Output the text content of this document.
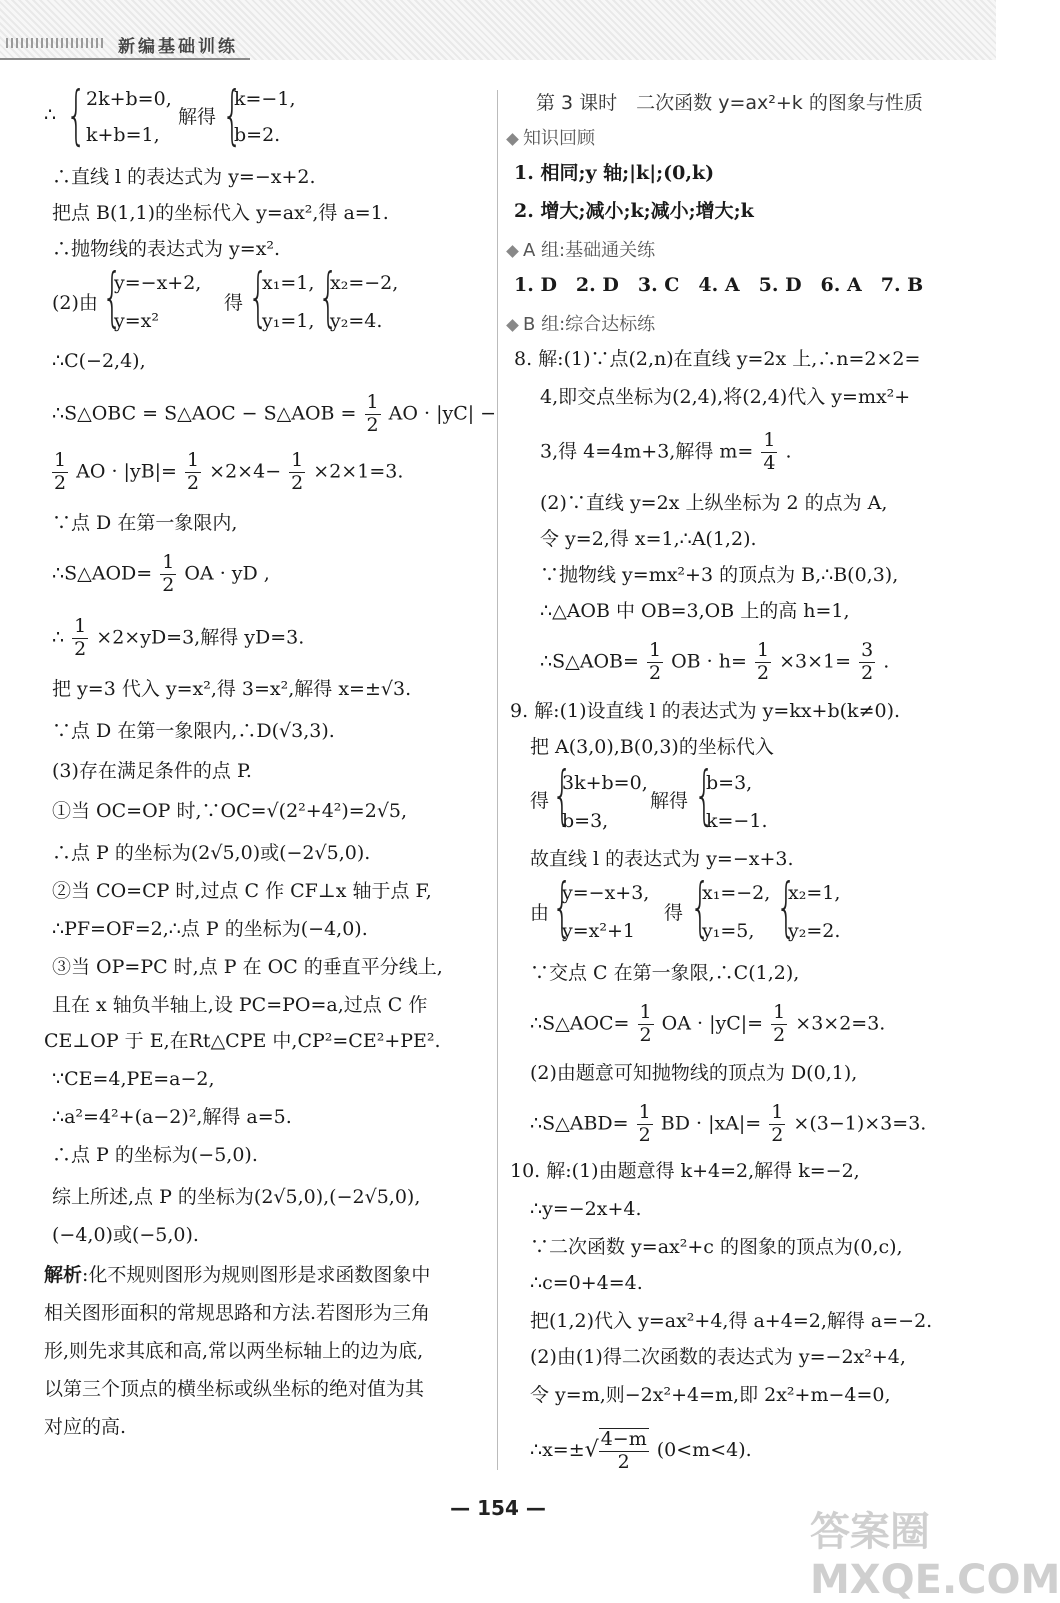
新编基础训练
∴ { 2k+b=0,
k+b=1,
解得 {
k=−1,
b=2.
∴直线 l 的表达式为 y=−x+2.
把点 B(1,1)的坐标代入 y=ax²,得 a=1.
∴抛物线的表达式为 y=x².
(2)由 {
y=−x+2,
y=x²
得 {
x₁=1,
y₁=1, {
x₂=−2,
y₂=4.
∴C(−2,4),
∴S△OBC = S△AOC − S△AOB = $\frac{1}{2}$ AO · |yC| −
$\frac{1}{2}$ AO · $|yB|= \frac{1}{2} \times 2\times 4- \frac{1}{2} \times 2\times 1=3$.
∵点 D 在第一象限内,
∴S△AOD= $\frac{1}{2}$ OA · yD ,
∴ $\frac{1}{2} \times 2\times yD=3$,解得 yD=3.
把 y=3 代入 y=x²,得 3=x²,解得 x=±√3.
∵点 D 在第一象限内,∴D(√3,3).
(3)存在满足条件的点 P.
①当 OC=OP 时,∵OC=√(2²+4²)=2√5,
∴点 P 的坐标为(2√5,0)或(−2√5,0).
②当 CO=CP 时,过点 C 作 CF⊥x 轴于点 F,
∴PF=OF=2,∴点 P 的坐标为(−4,0).
③当 OP=PC 时,点 P 在 OC 的垂直平分线上,
且在 x 轴负半轴上,设 PC=PO=a,过点 C 作
CE⊥OP 于 E,在Rt△CPE 中,CP²=CE²+PE².
∵CE=4,PE=a−2,
∴a²=4²+(a−2)²,解得 a=5.
∴点 P 的坐标为(−5,0).
综上所述,点 P 的坐标为(2√5,0),(−2√5,0),
(−4,0)或(−5,0).
解析:化不规则图形为规则图形是求函数图象中
相关图形面积的常规思路和方法.若图形为三角
形,则先求其底和高,常以两坐标轴上的边为底,
以第三个顶点的横坐标或纵坐标的绝对值为其
对应的高.
第 3 课时　二次函数 y=ax²+k 的图象与性质
知识回顾
1. 相同;y 轴;|k|;(0,k)
2. 增大;减小;k;减小;增大;k
A 组:基础通关练
1. D　2. D　3. C　4. A　5. D　6. A　7. B
B 组:综合达标练
8. 解:(1)∵点(2,n)在直线 y=2x 上,∴n=2×2=
4,即交点坐标为(2,4),将(2,4)代入 y=mx²+
3,得 4=4m+3,解得 $m= \frac{1}{4}$ .
(2)∵直线 y=2x 上纵坐标为 2 的点为 A,
令 y=2,得 x=1,∴A(1,2).
∵抛物线 y=mx²+3 的顶点为 B,∴B(0,3),
∴△AOB 中 OB=3,OB 上的高 h=1,
∴S△AOB= $\frac{1}{2}$ OB · $h= \frac{1}{2} \times 3\times 1= \frac{3}{2}$ .
9. 解:(1)设直线 l 的表达式为 y=kx+b(k≠0).
把 A(3,0),B(0,3)的坐标代入
得 {
3k+b=0,
b=3,
解得 {
b=3,
k=−1.
故直线 l 的表达式为 y=−x+3.
由 {
y=−x+3,
y=x²+1
得 {
x₁=−2,
y₁=5, {
x₂=1,
y₂=2.
∵交点 C 在第一象限,∴C(1,2),
∴S△AOC= $\frac{1}{2}$ OA · $|yC|= \frac{1}{2} \times 3\times 2=3$.
(2)由题意可知抛物线的顶点为 D(0,1),
∴S△ABD= $\frac{1}{2}$ BD · $|xA|= \frac{1}{2} \times(3-1)\times 3=3$.
10. 解:(1)由题意得 k+4=2,解得 k=−2,
∴y=−2x+4.
∵二次函数 y=ax²+c 的图象的顶点为(0,c),
∴c=0+4=4.
把(1,2)代入 y=ax²+4,得 a+4=2,解得 a=−2.
(2)由(1)得二次函数的表达式为 y=−2x²+4,
令 y=m,则−2x²+4=m,即 2x²+m−4=0,
∴x=±√ $\frac{4-m}{2} (0<m<4)$.
— 154 —
答案圈 MXQE.COM
